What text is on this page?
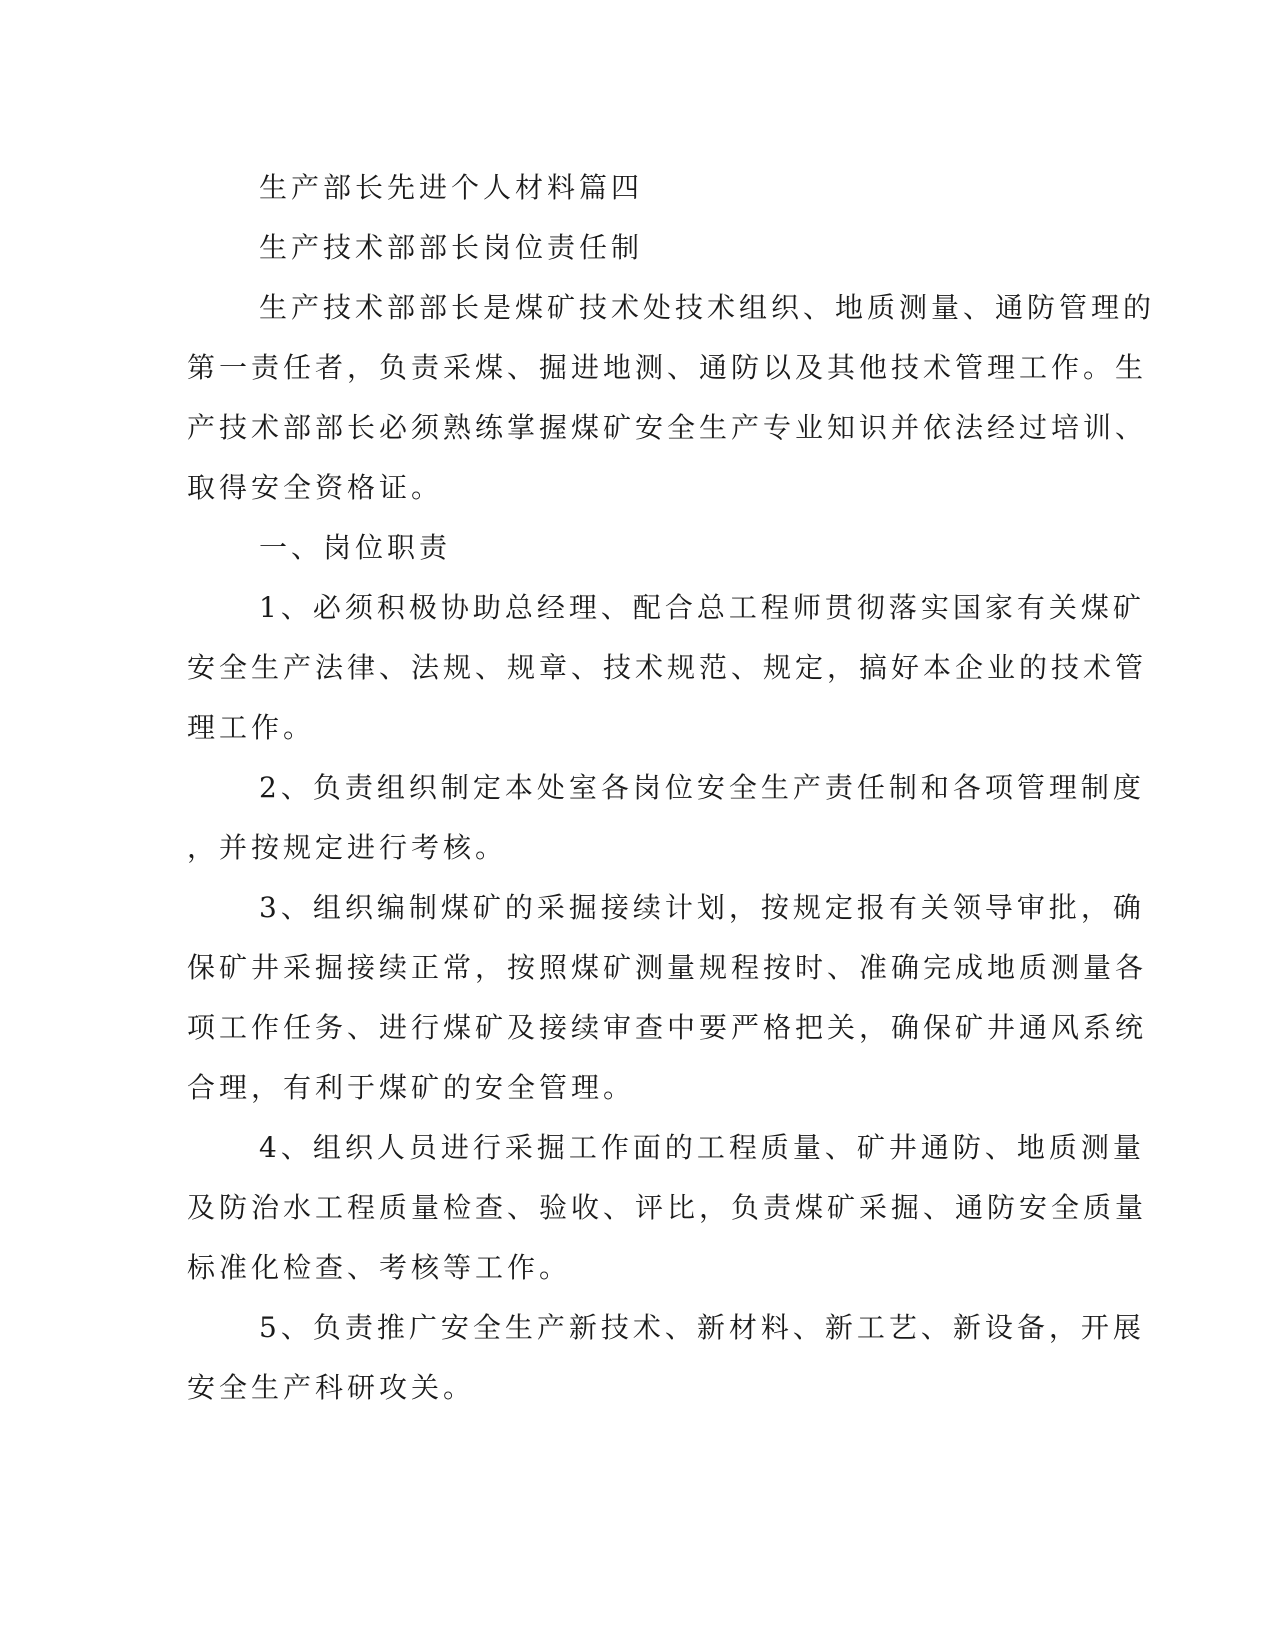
生产部长先进个人材料篇四
生产技术部部长岗位责任制
生产技术部部长是煤矿技术处技术组织、地质测量、通防管理的
第一责任者，负责采煤、掘进地测、通防以及其他技术管理工作。生
产技术部部长必须熟练掌握煤矿安全生产专业知识并依法经过培训、
取得安全资格证。
一、岗位职责
1、必须积极协助总经理、配合总工程师贯彻落实国家有关煤矿
安全生产法律、法规、规章、技术规范、规定，搞好本企业的技术管
理工作。
2、负责组织制定本处室各岗位安全生产责任制和各项管理制度
，并按规定进行考核。
3、组织编制煤矿的采掘接续计划，按规定报有关领导审批，确
保矿井采掘接续正常，按照煤矿测量规程按时、准确完成地质测量各
项工作任务、进行煤矿及接续审查中要严格把关，确保矿井通风系统
合理，有利于煤矿的安全管理。
4、组织人员进行采掘工作面的工程质量、矿井通防、地质测量
及防治水工程质量检查、验收、评比，负责煤矿采掘、通防安全质量
标准化检查、考核等工作。
5、负责推广安全生产新技术、新材料、新工艺、新设备，开展
安全生产科研攻关。
